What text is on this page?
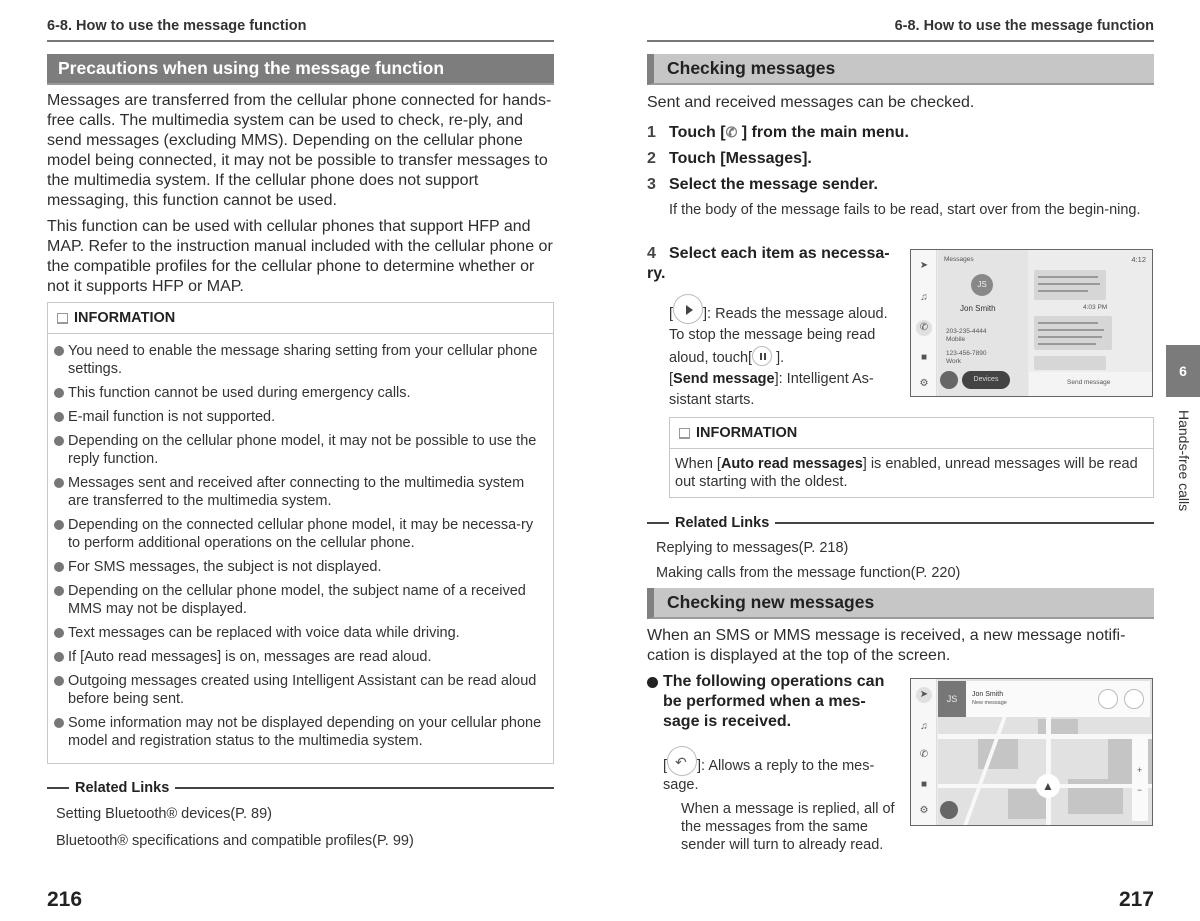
6-8. How to use the message function
Precautions when using the message function
Messages are transferred from the cellular phone connected for hands-free calls. The multimedia system can be used to check, re-ply, and send messages (excluding MMS). Depending on the cellular phone model being connected, it may not be possible to transfer messages to the multimedia system. If the cellular phone does not support messaging, this function cannot be used.
This function can be used with cellular phones that support HFP and MAP. Refer to the instruction manual included with the cellular phone or the compatible profiles for the cellular phone to determine whether or not it supports HFP or MAP.
INFORMATION
You need to enable the message sharing setting from your cellular phone settings.
This function cannot be used during emergency calls.
E-mail function is not supported.
Depending on the cellular phone model, it may not be possible to use the reply function.
Messages sent and received after connecting to the multimedia system are transferred to the multimedia system.
Depending on the connected cellular phone model, it may be necessa-ry to perform additional operations on the cellular phone.
For SMS messages, the subject is not displayed.
Depending on the cellular phone model, the subject name of a received MMS may not be displayed.
Text messages can be replaced with voice data while driving.
If [Auto read messages] is on, messages are read aloud.
Outgoing messages created using Intelligent Assistant can be read aloud before being sent.
Some information may not be displayed depending on your cellular phone model and registration status to the multimedia system.
Related Links
Setting Bluetooth® devices(P. 89)
Bluetooth® specifications and compatible profiles(P. 99)
216
6-8. How to use the message function
Checking messages
Sent and received messages can be checked.
1 Touch [✆ ] from the main menu.
2 Touch [Messages].
3 Select the message sender.
If the body of the message fails to be read, start over from the begin-ning.
4 Select each item as necessa-ry.
[ ]: Reads the message aloud. To stop the message being read aloud, touch[
].
[Send message]: Intelligent As-sistant starts.
➤
♫
✆
■
⚙
Messages
JS
Jon Smith
203-235-4444
Mobile
123-456-7890
Work
Devices
4:12
4:03 PM
Send message
INFORMATION
When [Auto read messages] is enabled, unread messages will be read out starting with the oldest.
Related Links
Replying to messages(P. 218)
Making calls from the message function(P. 220)
Checking new messages
When an SMS or MMS message is received, a new message notifi-cation is displayed at the top of the screen.
The following operations can be performed when a mes-sage is received.
[ ↶ ]: Allows a reply to the mes-sage.
When a message is replied, all of the messages from the same sender will turn to already read.
➤
♫
✆
■
⚙
▲
+
−
JS	Jon Smith
New message
217
6
Hands-free calls
